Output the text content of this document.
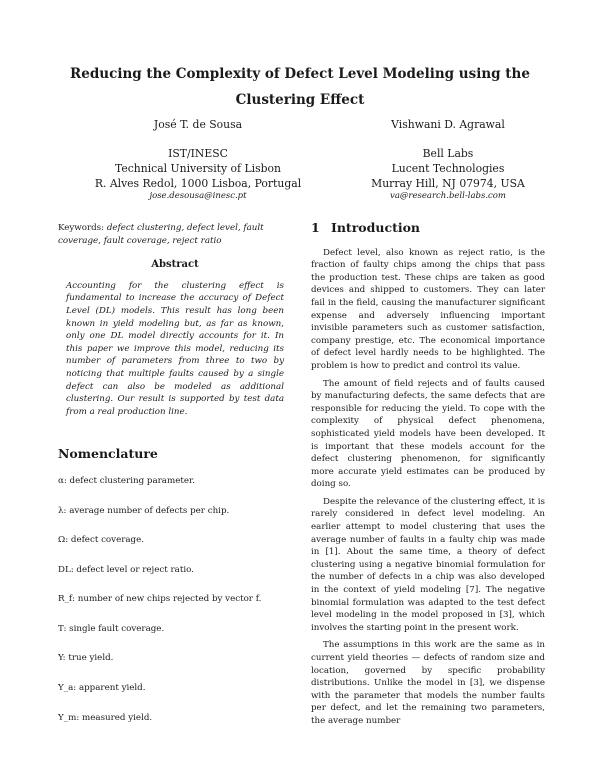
Reducing the Complexity of Defect Level Modeling using the
Clustering Effect
José T. de Sousa
IST/INESC
Technical University of Lisbon
R. Alves Redol, 1000 Lisboa, Portugal
jose.desousa@inesc.pt
Vishwani D. Agrawal
Bell Labs
Lucent Technologies
Murray Hill, NJ 07974, USA
va@research.bell-labs.com
Keywords: defect clustering, defect level, fault coverage, fault coverage, reject ratio
Abstract
Accounting for the clustering effect is fundamental to increase the accuracy of Defect Level (DL) models. This result has long been known in yield modeling but, as far as known, only one DL model directly accounts for it. In this paper we improve this model, reducing its number of parameters from three to two by noticing that multiple faults caused by a single defect can also be modeled as additional clustering. Our result is supported by test data from a real production line.
Nomenclature
α: defect clustering parameter.
λ: average number of defects per chip.
Ω: defect coverage.
DL: defect level or reject ratio.
R_f: number of new chips rejected by vector f.
T: single fault coverage.
Y: true yield.
Y_a: apparent yield.
Y_m: measured yield.
1 Introduction

Defect level, also known as reject ratio, is the fraction of faulty chips among the chips that pass the production test. These chips are taken as good devices and shipped to customers. They can later fail in the field, causing the manufacturer significant expense and adversely influencing important invisible parameters such as customer satisfaction, company prestige, etc. The economical importance of defect level hardly needs to be highlighted. The problem is how to predict and control its value.

The amount of field rejects and of faults caused by manufacturing defects, the same defects that are responsible for reducing the yield. To cope with the complexity of physical defect phenomena, sophisticated yield models have been developed. It is important that these models account for the defect clustering phenomenon, for significantly more accurate yield estimates can be produced by doing so.

Despite the relevance of the clustering effect, it is rarely considered in defect level modeling. An earlier attempt to model clustering that uses the average number of faults in a faulty chip was made in [1]. About the same time, a theory of defect clustering using a negative binomial formulation for the number of defects in a chip was also developed in the context of yield modeling [7]. The negative binomial formulation was adapted to the test defect level modeling in the model proposed in [3], which involves the starting point in the present work.

The assumptions in this work are the same as in current yield theories — defects of random size and location, governed by specific probability distributions. Unlike the model in [3], we dispense with the parameter that models the number faults per defect, and let the remaining two parameters, the average number
